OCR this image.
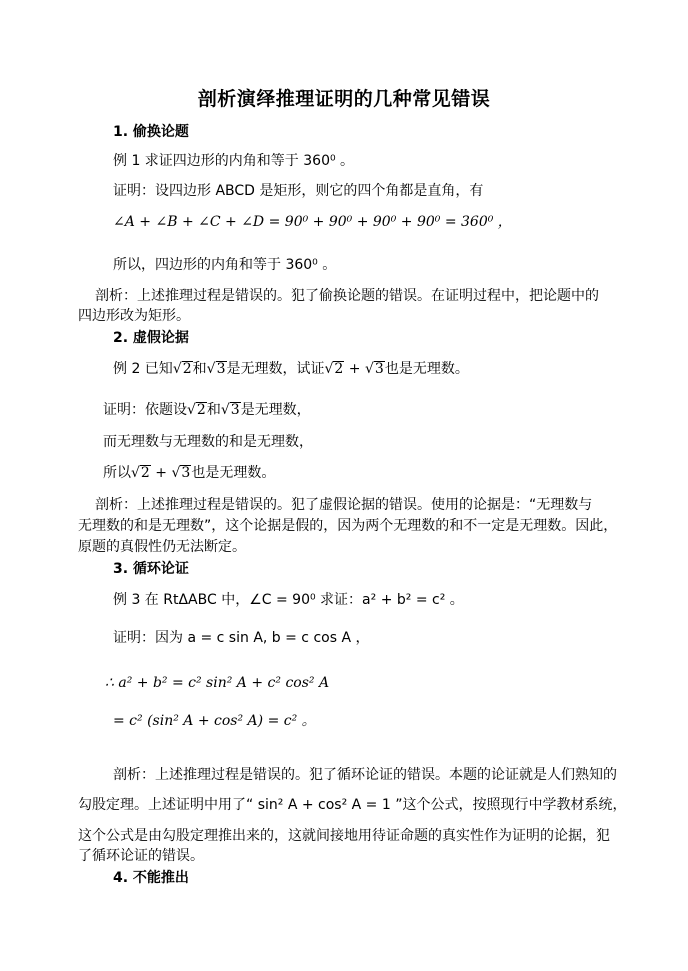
剖析演绎推理证明的几种常见错误
1. 偷换论题
例 1 求证四边形的内角和等于 360⁰ 。
证明：设四边形 ABCD 是矩形，则它的四个角都是直角，有
∠A + ∠B + ∠C + ∠D = 90⁰ + 90⁰ + 90⁰ + 90⁰ = 360⁰ ，
所以，四边形的内角和等于 360⁰ 。
剖析：上述推理过程是错误的。犯了偷换论题的错误。在证明过程中，把论题中的
四边形改为矩形。
2. 虚假论据
例 2 已知√2和√3是无理数，试证√2 + √3也是无理数。
证明：依题设√2和√3是无理数，
而无理数与无理数的和是无理数，
所以√2 + √3也是无理数。
剖析：上述推理过程是错误的。犯了虚假论据的错误。使用的论据是：“无理数与
无理数的和是无理数”，这个论据是假的，因为两个无理数的和不一定是无理数。因此，
原题的真假性仍无法断定。
3. 循环论证
例 3 在 RtΔABC 中，∠C = 90⁰ 求证：a² + b² = c² 。
证明：因为 a = c sin A, b = c cos A ，
∴ a² + b² = c² sin² A + c² cos² A
= c² (sin² A + cos² A) = c² 。
剖析：上述推理过程是错误的。犯了循环论证的错误。本题的论证就是人们熟知的
勾股定理。上述证明中用了“ sin² A + cos² A = 1 ”这个公式，按照现行中学教材系统，
这个公式是由勾股定理推出来的，这就间接地用待证命题的真实性作为证明的论据，犯
了循环论证的错误。
4. 不能推出
